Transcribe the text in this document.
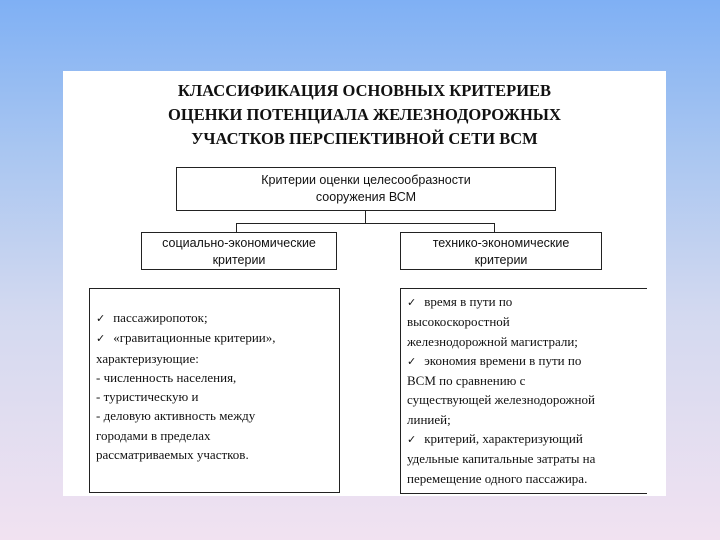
КЛАССИФИКАЦИЯ ОСНОВНЫХ КРИТЕРИЕВ
ОЦЕНКИ ПОТЕНЦИАЛА ЖЕЛЕЗНОДОРОЖНЫХ
УЧАСТКОВ ПЕРСПЕКТИВНОЙ СЕТИ ВСМ
Критерии оценки целесообразности
сооружения ВСМ
социально-экономические
критерии
технико-экономические
критерии
✓ пассажиропоток;
✓ «гравитационные критерии»,
характеризующие:
- численность населения,
- туристическую и
- деловую активность между
городами в пределах
рассматриваемых участков.
✓ время в пути по
высокоскоростной
железнодорожной магистрали;
✓ экономия времени в пути по
ВСМ по сравнению с
существующей железнодорожной
линией;
✓ критерий, характеризующий
удельные капитальные затраты на
перемещение одного пассажира.
